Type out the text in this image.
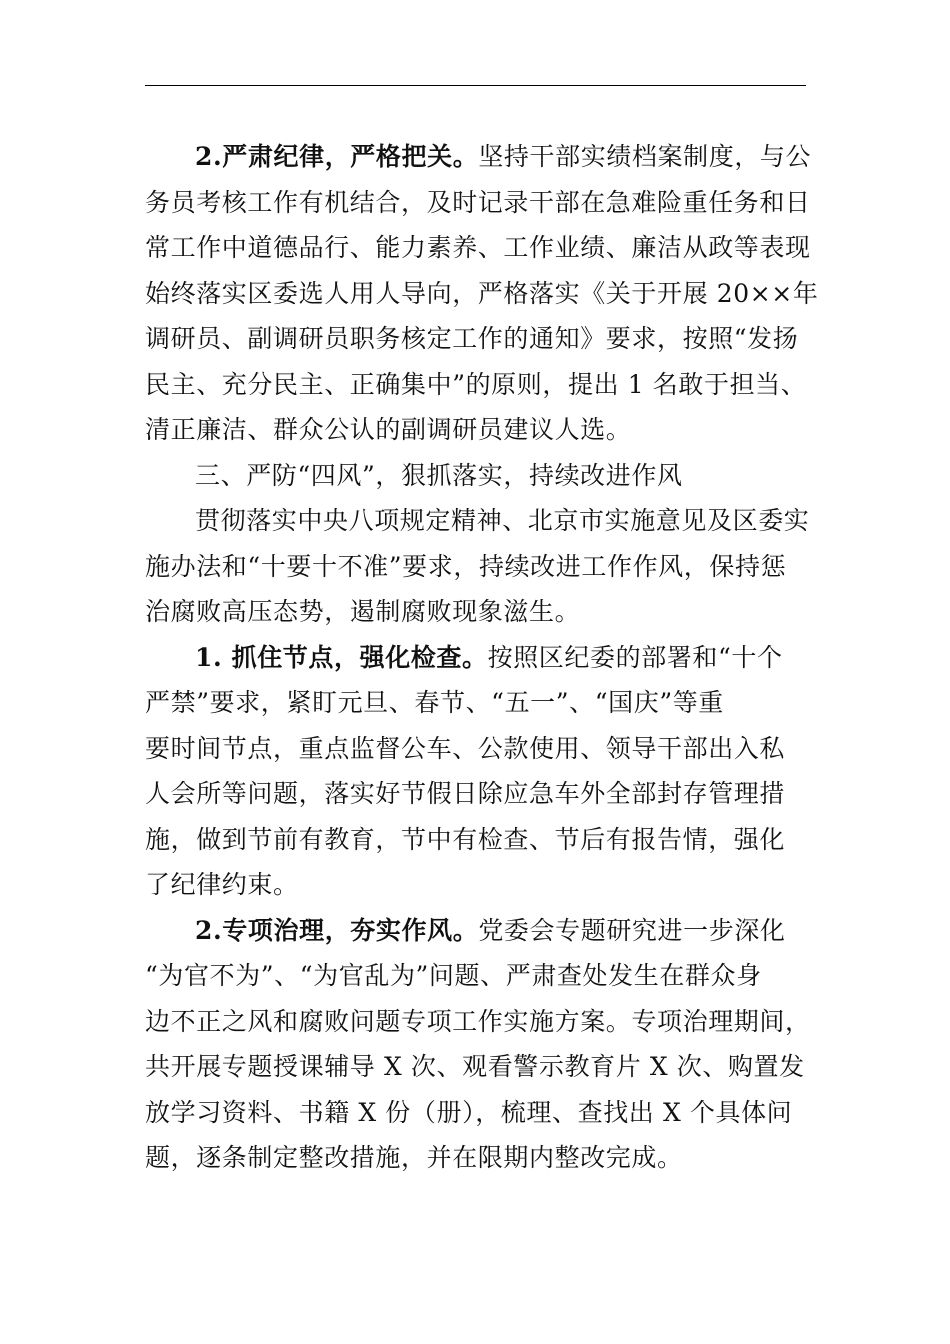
2.严肃纪律，严格把关。坚持干部实绩档案制度，与公
务员考核工作有机结合，及时记录干部在急难险重任务和日
常工作中道德品行、能力素养、工作业绩、廉洁从政等表现
始终落实区委选人用人导向，严格落实《关于开展 20××年
调研员、副调研员职务核定工作的通知》要求，按照“发扬
民主、充分民主、正确集中”的原则，提出 1 名敢于担当、
清正廉洁、群众公认的副调研员建议人选。
三、严防“四风”，狠抓落实，持续改进作风
贯彻落实中央八项规定精神、北京市实施意见及区委实
施办法和“十要十不准”要求，持续改进工作作风，保持惩
治腐败高压态势，遏制腐败现象滋生。
1. 抓住节点，强化检查。按照区纪委的部署和“十个
严禁”要求，紧盯元旦、春节、“五一”、“国庆”等重
要时间节点，重点监督公车、公款使用、领导干部出入私
人会所等问题，落实好节假日除应急车外全部封存管理措
施，做到节前有教育，节中有检查、节后有报告情，强化
了纪律约束。
2.专项治理，夯实作风。党委会专题研究进一步深化
“为官不为”、“为官乱为”问题、严肃查处发生在群众身
边不正之风和腐败问题专项工作实施方案。专项治理期间，
共开展专题授课辅导 X 次、观看警示教育片 X 次、购置发
放学习资料、书籍 X 份（册），梳理、查找出 X 个具体问
题，逐条制定整改措施，并在限期内整改完成。
